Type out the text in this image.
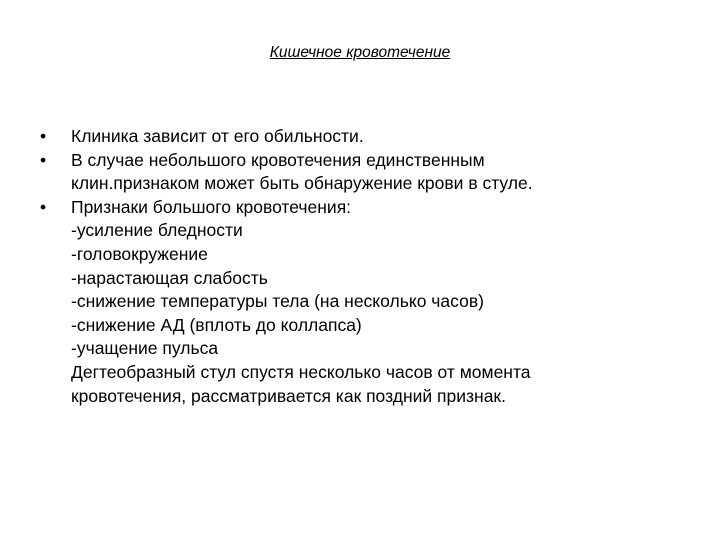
Кишечное кровотечение
•	Клиника зависит от его обильности.
•	В случае небольшого кровотечения единственным
клин.признаком может быть обнаружение крови в стуле.
•	Признаки большого кровотечения:
-усиление бледности
-головокружение
-нарастающая слабость
-снижение температуры тела (на несколько часов)
-снижение АД (вплоть до коллапса)
-учащение пульса
Дегтеобразный стул спустя несколько часов от момента
кровотечения, рассматривается как поздний признак.
